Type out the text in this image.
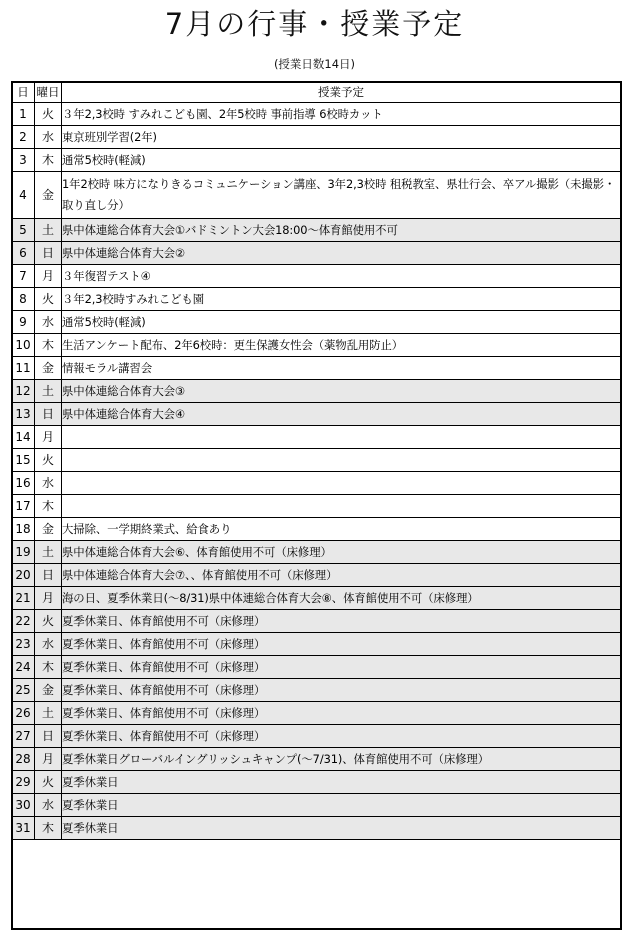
7月の行事・授業予定
(授業日数14日)
日	曜日	授業予定
1	火	３年2,3校時 すみれこども園、2年5校時 事前指導 6校時カット
2	水	東京班別学習(2年)
3	木	通常5校時(軽減)
4	金	1年2校時 味方になりきるコミュニケーション講座、3年2,3校時 租税教室、県壮行会、卒アル撮影（未撮影・取り直し分）
5	土	県中体連総合体育大会①バドミントン大会18:00～体育館使用不可
6	日	県中体連総合体育大会②
7	月	３年復習テスト④
8	火	３年2,3校時すみれこども園
9	水	通常5校時(軽減)
10	木	生活アンケート配布、2年6校時：更生保護女性会（薬物乱用防止）
11	金	情報モラル講習会
12	土	県中体連総合体育大会③
13	日	県中体連総合体育大会④
14	月	
15	火	
16	水	
17	木	
18	金	大掃除、一学期終業式、給食あり
19	土	県中体連総合体育大会⑥、体育館使用不可（床修理）
20	日	県中体連総合体育大会⑦、、体育館使用不可（床修理）
21	月	海の日、夏季休業日(～8/31)県中体連総合体育大会⑧、体育館使用不可（床修理）
22	火	夏季休業日、体育館使用不可（床修理）
23	水	夏季休業日、体育館使用不可（床修理）
24	木	夏季休業日、体育館使用不可（床修理）
25	金	夏季休業日、体育館使用不可（床修理）
26	土	夏季休業日、体育館使用不可（床修理）
27	日	夏季休業日、体育館使用不可（床修理）
28	月	夏季休業日グローバルイングリッシュキャンプ(～7/31)、体育館使用不可（床修理）
29	火	夏季休業日
30	水	夏季休業日
31	木	夏季休業日
